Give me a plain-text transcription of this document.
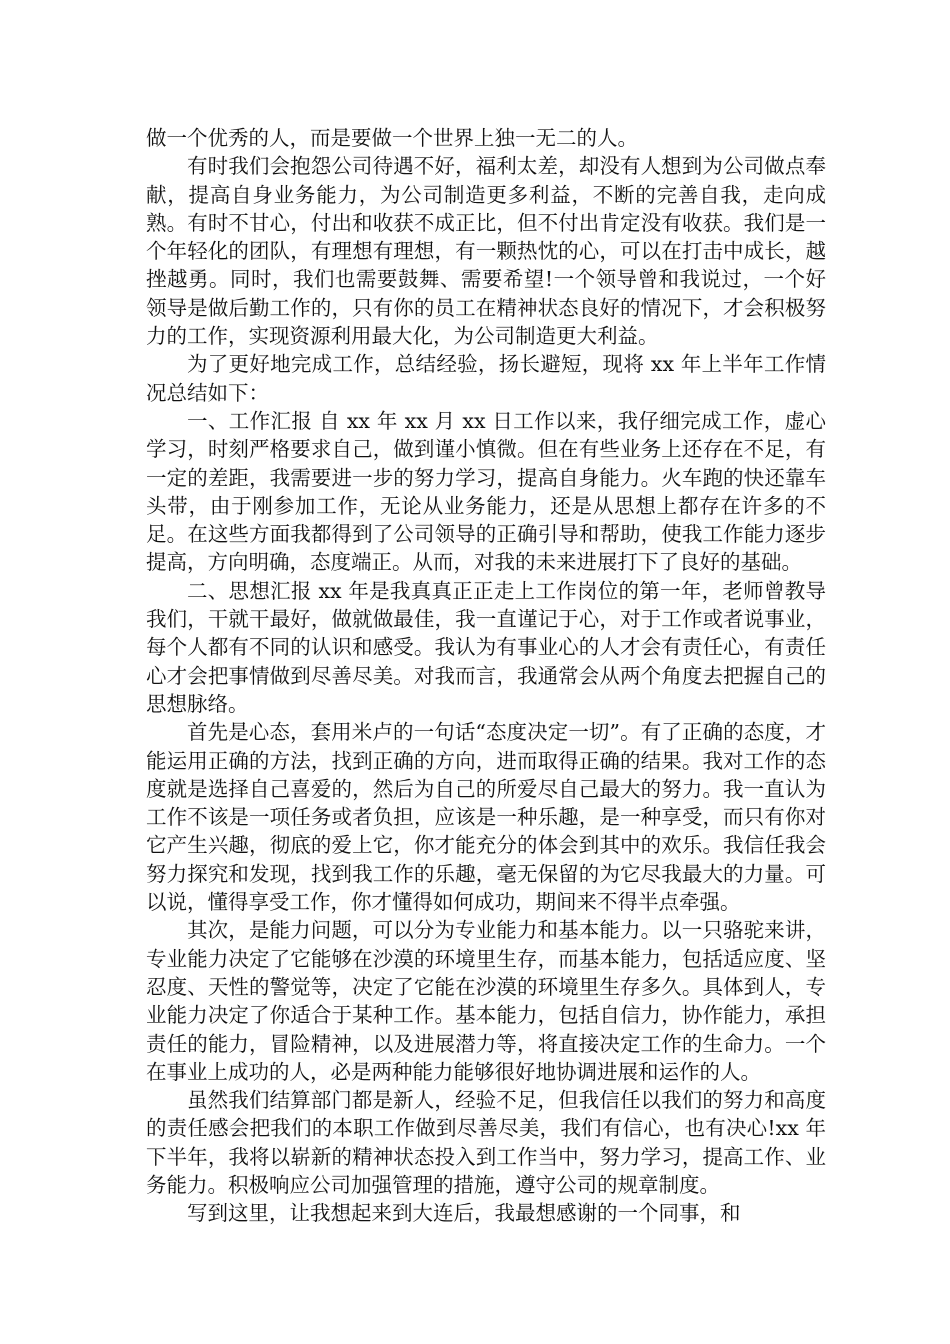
做一个优秀的人，而是要做一个世界上独一无二的人。

有时我们会抱怨公司待遇不好，福利太差，却没有人想到为公司做点奉献，提高自身业务能力，为公司制造更多利益，不断的完善自我，走向成熟。有时不甘心，付出和收获不成正比，但不付出肯定没有收获。我们是一个年轻化的团队，有理想有理想，有一颗热忱的心，可以在打击中成长，越挫越勇。同时，我们也需要鼓舞、需要希望!一个领导曾和我说过，一个好领导是做后勤工作的，只有你的员工在精神状态良好的情况下，才会积极努力的工作，实现资源利用最大化，为公司制造更大利益。

为了更好地完成工作，总结经验，扬长避短，现将 xx 年上半年工作情况总结如下：

一、工作汇报 自 xx 年 xx 月 xx 日工作以来，我仔细完成工作，虚心学习，时刻严格要求自己，做到谨小慎微。但在有些业务上还存在不足，有一定的差距，我需要进一步的努力学习，提高自身能力。火车跑的快还靠车头带，由于刚参加工作，无论从业务能力，还是从思想上都存在许多的不足。在这些方面我都得到了公司领导的正确引导和帮助，使我工作能力逐步提高，方向明确，态度端正。从而，对我的未来进展打下了良好的基础。

二、思想汇报 xx 年是我真真正正走上工作岗位的第一年，老师曾教导我们，干就干最好，做就做最佳，我一直谨记于心，对于工作或者说事业，每个人都有不同的认识和感受。我认为有事业心的人才会有责任心，有责任心才会把事情做到尽善尽美。对我而言，我通常会从两个角度去把握自己的思想脉络。

首先是心态，套用米卢的一句话“态度决定一切”。有了正确的态度，才能运用正确的方法，找到正确的方向，进而取得正确的结果。我对工作的态度就是选择自己喜爱的，然后为自己的所爱尽自己最大的努力。我一直认为工作不该是一项任务或者负担，应该是一种乐趣，是一种享受，而只有你对它产生兴趣，彻底的爱上它，你才能充分的体会到其中的欢乐。我信任我会努力探究和发现，找到我工作的乐趣，毫无保留的为它尽我最大的力量。可以说，懂得享受工作，你才懂得如何成功，期间来不得半点牵强。

其次，是能力问题，可以分为专业能力和基本能力。以一只骆驼来讲，专业能力决定了它能够在沙漠的环境里生存，而基本能力，包括适应度、坚忍度、天性的警觉等，决定了它能在沙漠的环境里生存多久。具体到人，专业能力决定了你适合于某种工作。基本能力，包括自信力，协作能力，承担责任的能力，冒险精神，以及进展潜力等，将直接决定工作的生命力。一个在事业上成功的人，必是两种能力能够很好地协调进展和运作的人。

虽然我们结算部门都是新人，经验不足，但我信任以我们的努力和高度的责任感会把我们的本职工作做到尽善尽美，我们有信心，也有决心!xx 年下半年，我将以崭新的精神状态投入到工作当中，努力学习，提高工作、业务能力。积极响应公司加强管理的措施，遵守公司的规章制度。

写到这里，让我想起来到大连后，我最想感谢的一个同事，和
